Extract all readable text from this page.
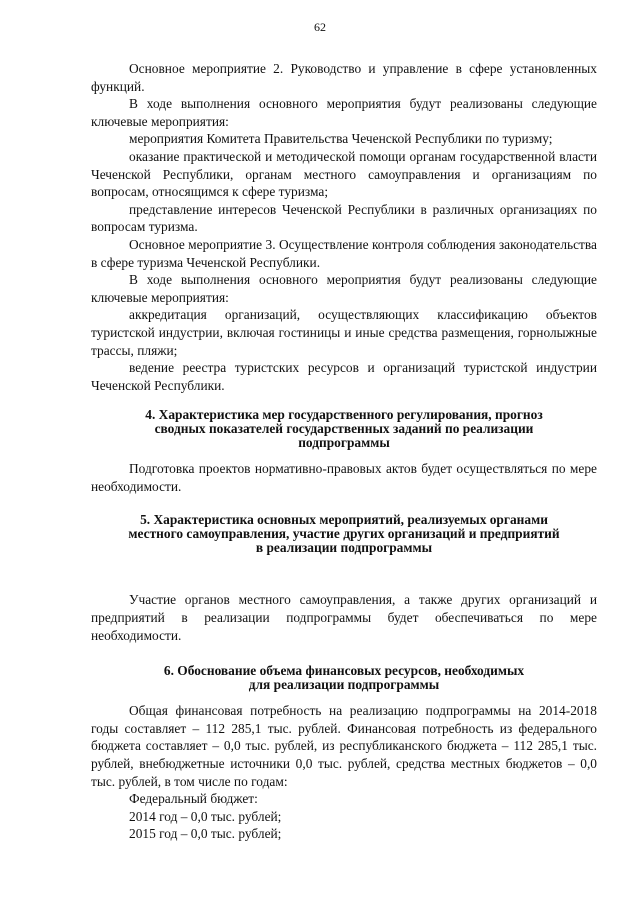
62

Основное мероприятие 2. Руководство и управление в сфере установленных функций.

В ходе выполнения основного мероприятия будут реализованы следующие ключевые мероприятия:

мероприятия Комитета Правительства Чеченской Республики по туризму;

оказание практической и методической помощи органам государственной власти Чеченской Республики, органам местного самоуправления и организациям по вопросам, относящимся к сфере туризма;

представление интересов Чеченской Республики в различных организациях по вопросам туризма.

Основное мероприятие 3. Осуществление контроля соблюдения законодательства в сфере туризма Чеченской Республики.

В ходе выполнения основного мероприятия будут реализованы следующие ключевые мероприятия:

аккредитация организаций, осуществляющих классификацию объектов туристской индустрии, включая гостиницы и иные средства размещения, горнолыжные трассы, пляжи;

ведение реестра туристских ресурсов и организаций туристской индустрии Чеченской Республики.

4. Характеристика мер государственного регулирования, прогноз
сводных показателей государственных заданий по реализации
подпрограммы

Подготовка проектов нормативно-правовых актов будет осуществляться по мере необходимости.

5. Характеристика основных мероприятий, реализуемых органами
местного самоуправления, участие других организаций и предприятий
в реализации подпрограммы

Участие органов местного самоуправления, а также других организаций и предприятий в реализации подпрограммы будет обеспечиваться по мере необходимости.

6. Обоснование объема финансовых ресурсов, необходимых
для реализации подпрограммы

Общая финансовая потребность на реализацию подпрограммы на 2014-2018 годы составляет – 112 285,1 тыс. рублей. Финансовая потребность из федерального бюджета составляет – 0,0 тыс. рублей, из республиканского бюджета – 112 285,1 тыс. рублей, внебюджетные источники 0,0 тыс. рублей, средства местных бюджетов – 0,0 тыс. рублей, в том числе по годам:

Федеральный бюджет:

2014 год – 0,0 тыс. рублей;

2015 год – 0,0 тыс. рублей;
